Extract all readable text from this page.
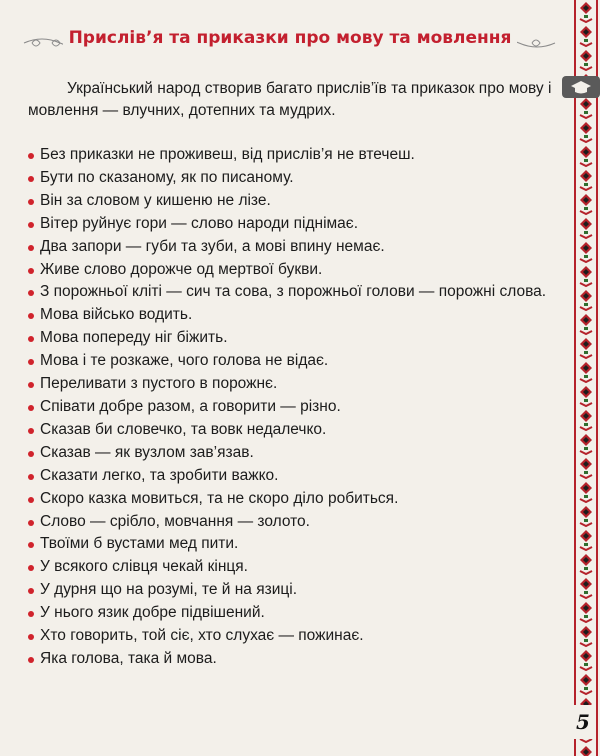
Прислів’я та приказки про мову та мовлення

Український народ створив багато прислів’їв та приказок про мову і мовлення — влучних, дотепних та мудрих.

Без приказки не проживеш, від прислів’я не втечеш.
Бути по сказаному, як по писаному.
Він за словом у кишеню не лізе.
Вітер руйнує гори — слово народи піднімає.
Два запори — губи та зуби, а мові впину немає.
Живе слово дорожче од мертвої букви.
З порожньої кліті — сич та сова, з порожньої голови — порожні слова.
Мова військо водить.
Мова попереду ніг біжить.
Мова і те розкаже, чого голова не відає.
Переливати з пустого в порожнє.
Співати добре разом, а говорити — різно.
Сказав би словечко, та вовк недалечко.
Сказав — як вузлом зав’язав.
Сказати легко, та зробити важко.
Скоро казка мовиться, та не скоро діло робиться.
Слово — срібло, мовчання — золото.
Твоїми б вустами мед пити.
У всякого слівця чекай кінця.
У дурня що на розумі, те й на язиці.
У нього язик добре підвішений.
Хто говорить, той сіє, хто слухає — пожинає.
Яка голова, така й мова.
5
